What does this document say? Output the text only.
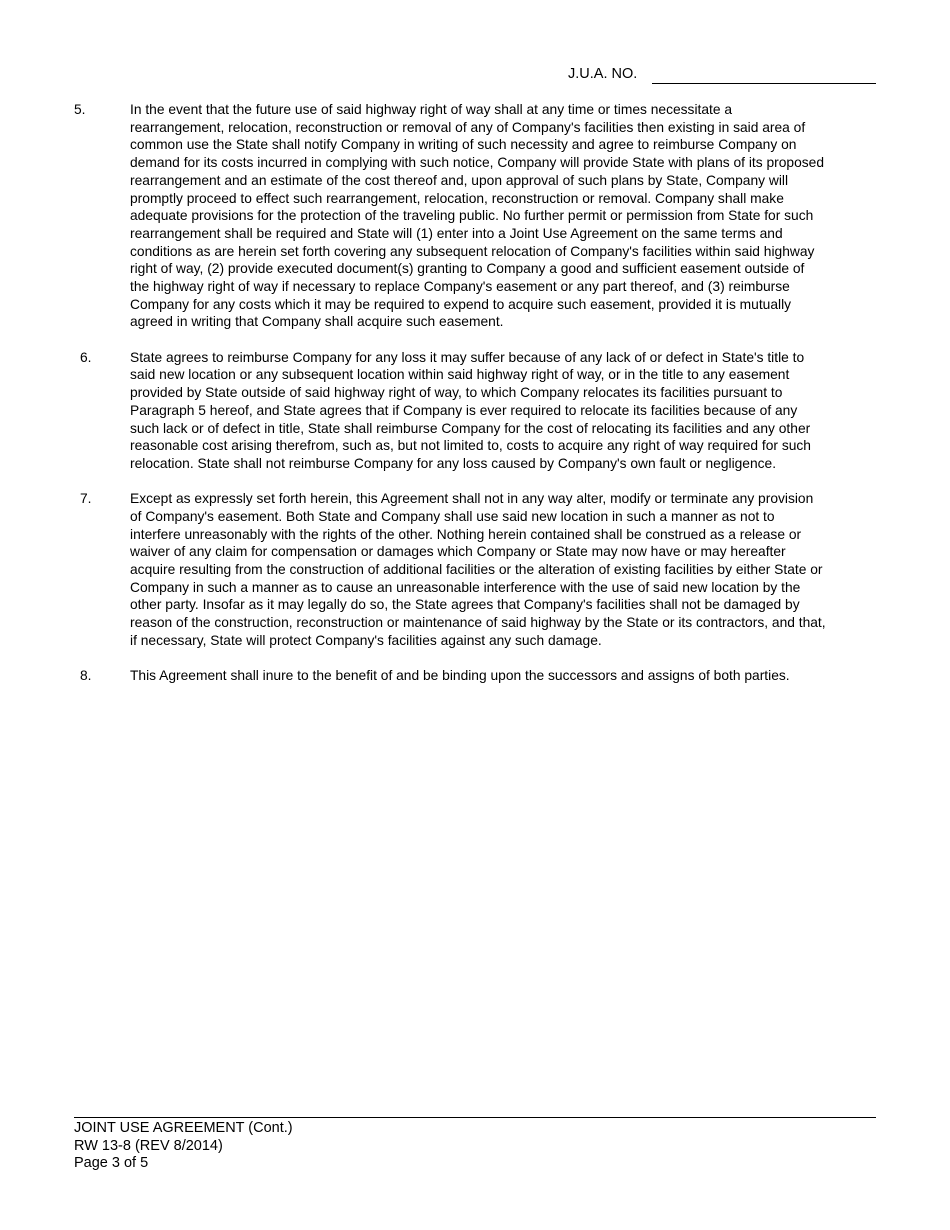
J.U.A. NO.
5.	In the event that the future use of said highway right of way shall at any time or times necessitate a
rearrangement, relocation, reconstruction or removal of any of Company's facilities then existing in said area of
common use the State shall notify Company in writing of such necessity and agree to reimburse Company on
demand for its costs incurred in complying with such notice, Company will provide State with plans of its proposed
rearrangement and an estimate of the cost thereof and, upon approval of such plans by State, Company will
promptly proceed to effect such rearrangement, relocation, reconstruction or removal. Company shall make
adequate provisions for the protection of the traveling public. No further permit or permission from State for such
rearrangement shall be required and State will (1) enter into a Joint Use Agreement on the same terms and
conditions as are herein set forth covering any subsequent relocation of Company's facilities within said highway
right of way, (2) provide executed document(s) granting to Company a good and sufficient easement outside of
the highway right of way if necessary to replace Company's easement or any part thereof, and (3) reimburse
Company for any costs which it may be required to expend to acquire such easement, provided it is mutually
agreed in writing that Company shall acquire such easement.
6.	State agrees to reimburse Company for any loss it may suffer because of any lack of or defect in State's title to
said new location or any subsequent location within said highway right of way, or in the title to any easement
provided by State outside of said highway right of way, to which Company relocates its facilities pursuant to
Paragraph 5 hereof, and State agrees that if Company is ever required to relocate its facilities because of any
such lack or of defect in title, State shall reimburse Company for the cost of relocating its facilities and any other
reasonable cost arising therefrom, such as, but not limited to, costs to acquire any right of way required for such
relocation. State shall not reimburse Company for any loss caused by Company's own fault or negligence.
7.	Except as expressly set forth herein, this Agreement shall not in any way alter, modify or terminate any provision
of Company's easement. Both State and Company shall use said new location in such a manner as not to
interfere unreasonably with the rights of the other. Nothing herein contained shall be construed as a release or
waiver of any claim for compensation or damages which Company or State may now have or may hereafter
acquire resulting from the construction of additional facilities or the alteration of existing facilities by either State or
Company in such a manner as to cause an unreasonable interference with the use of said new location by the
other party. Insofar as it may legally do so, the State agrees that Company's facilities shall not be damaged by
reason of the construction, reconstruction or maintenance of said highway by the State or its contractors, and that,
if necessary, State will protect Company's facilities against any such damage.
8.	This Agreement shall inure to the benefit of and be binding upon the successors and assigns of both parties.
JOINT USE AGREEMENT (Cont.)
RW 13-8 (REV 8/2014)
Page 3 of 5
